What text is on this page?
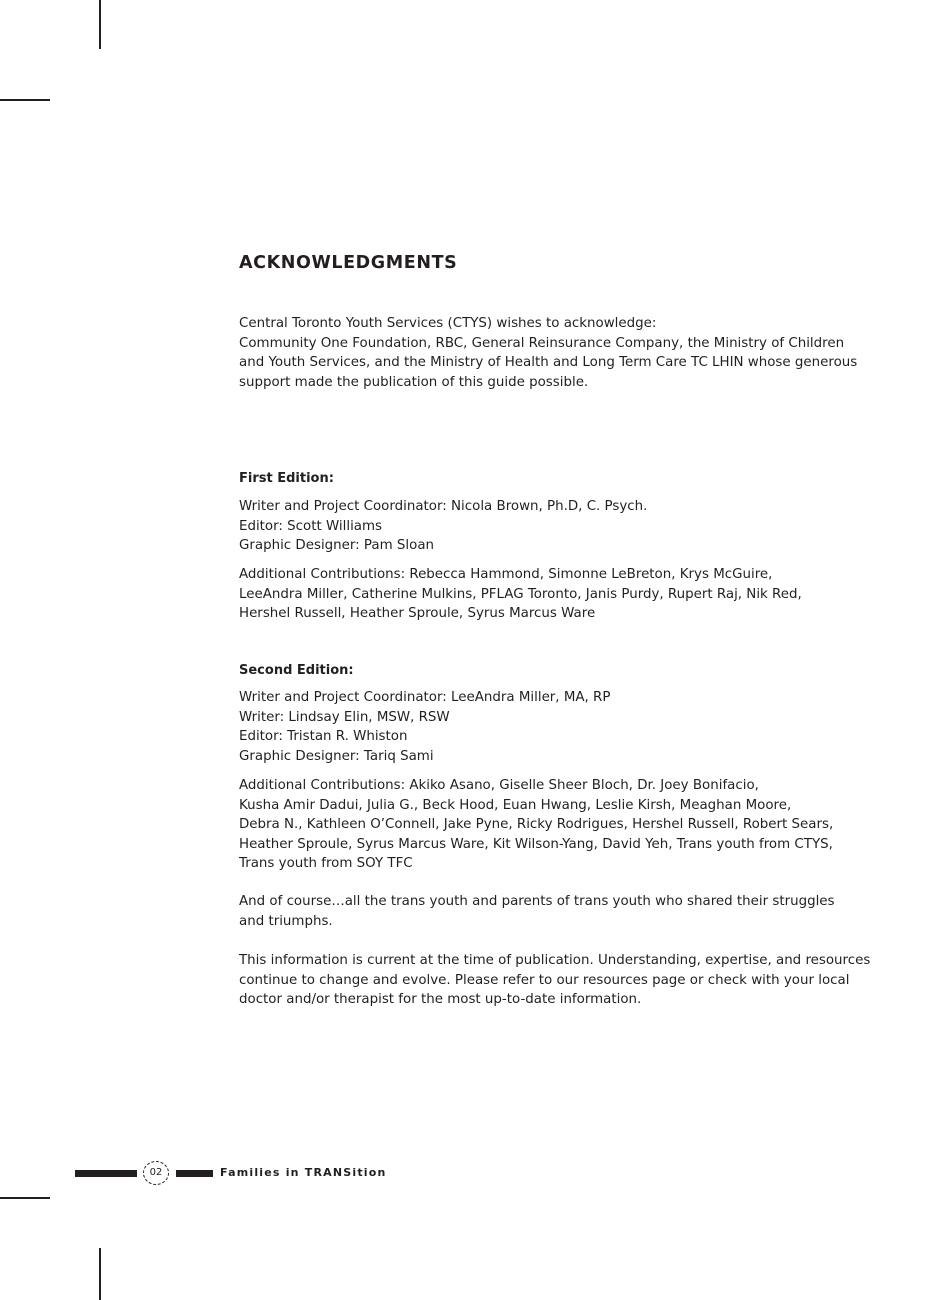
ACKNOWLEDGMENTS

Central Toronto Youth Services (CTYS) wishes to acknowledge:
Community One Foundation, RBC, General Reinsurance Company, the Ministry of Children
and Youth Services, and the Ministry of Health and Long Term Care TC LHIN whose generous
support made the publication of this guide possible.

First Edition:

Writer and Project Coordinator: Nicola Brown, Ph.D, C. Psych.
Editor: Scott Williams
Graphic Designer: Pam Sloan

Additional Contributions: Rebecca Hammond, Simonne LeBreton, Krys McGuire,
LeeAndra Miller, Catherine Mulkins, PFLAG Toronto, Janis Purdy, Rupert Raj, Nik Red,
Hershel Russell, Heather Sproule, Syrus Marcus Ware

Second Edition:

Writer and Project Coordinator: LeeAndra Miller, MA, RP
Writer: Lindsay Elin, MSW, RSW
Editor: Tristan R. Whiston
Graphic Designer: Tariq Sami

Additional Contributions: Akiko Asano, Giselle Sheer Bloch, Dr. Joey Bonifacio,
Kusha Amir Dadui, Julia G., Beck Hood, Euan Hwang, Leslie Kirsh, Meaghan Moore,
Debra N., Kathleen O’Connell, Jake Pyne, Ricky Rodrigues, Hershel Russell, Robert Sears,
Heather Sproule, Syrus Marcus Ware, Kit Wilson-Yang, David Yeh, Trans youth from CTYS,
Trans youth from SOY TFC

And of course…all the trans youth and parents of trans youth who shared their struggles
and triumphs.

This information is current at the time of publication. Understanding, expertise, and resources
continue to change and evolve. Please refer to our resources page or check with your local
doctor and/or therapist for the most up-to-date information.

02	Families in TRANSition
